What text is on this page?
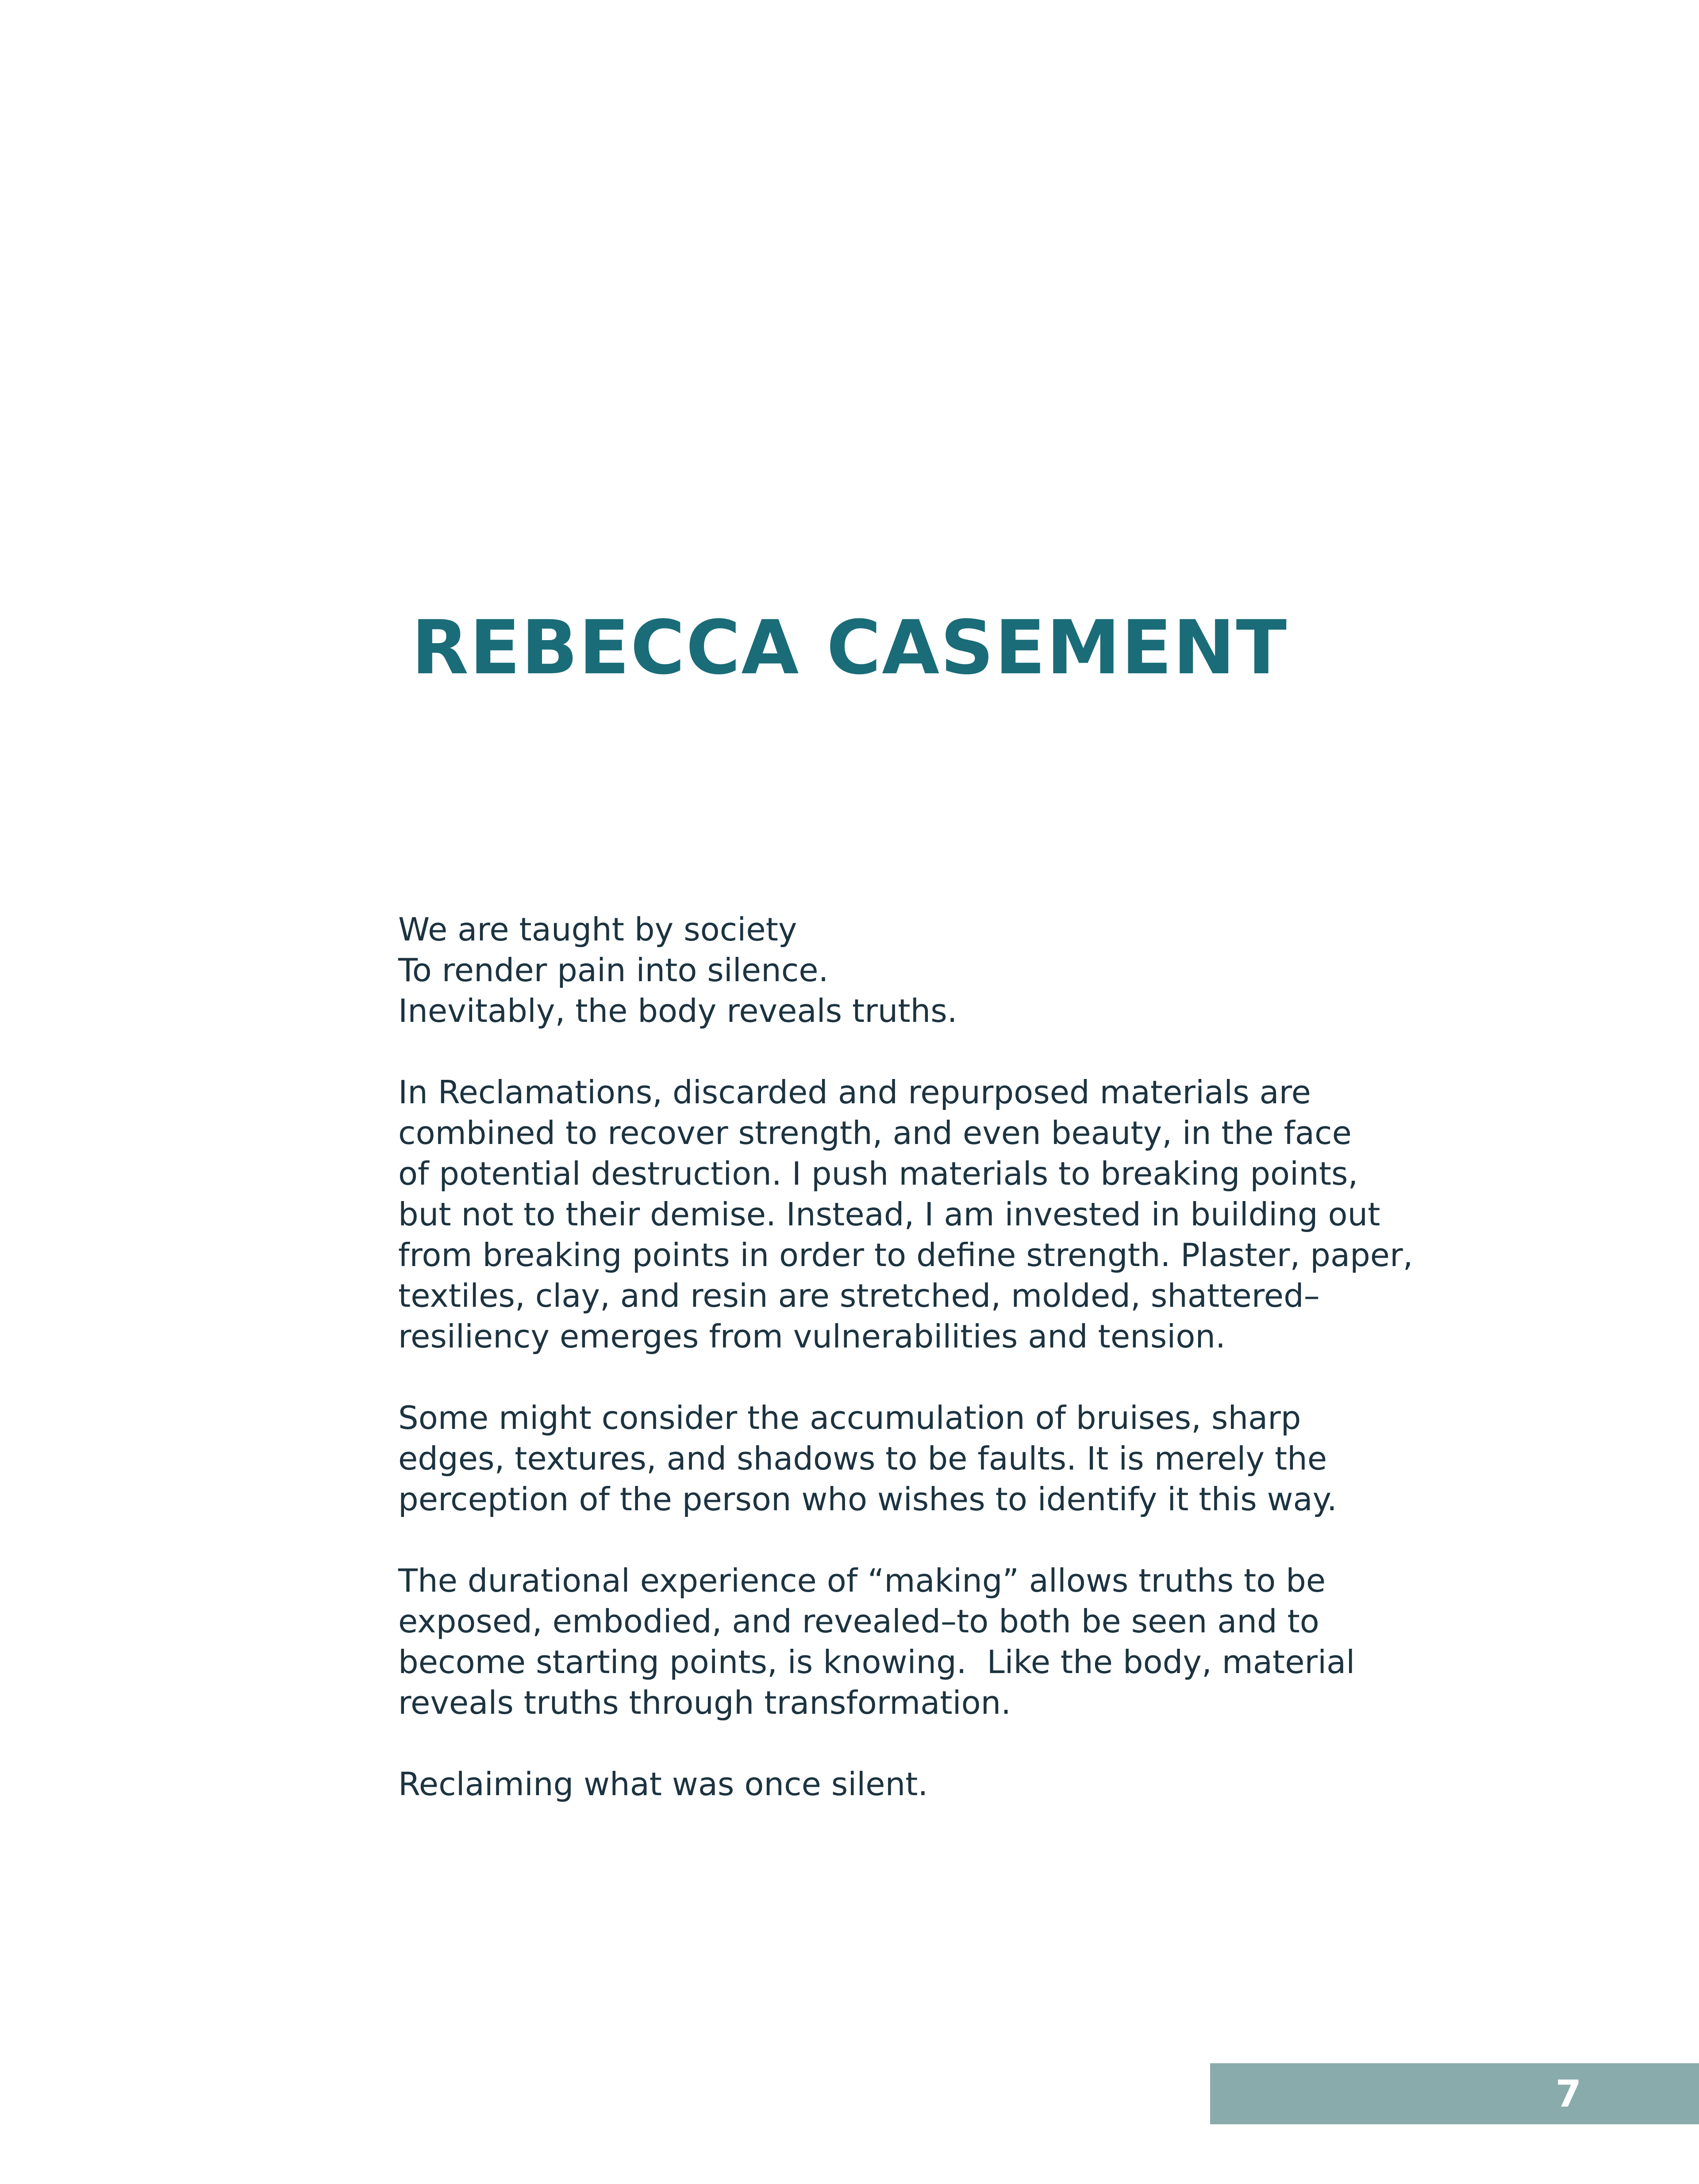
REBECCA CASEMENT

We are taught by society
To render pain into silence.
Inevitably, the body reveals truths.

In Reclamations, discarded and repurposed materials are
combined to recover strength, and even beauty, in the face
of potential destruction. I push materials to breaking points,
but not to their demise. Instead, I am invested in building out
from breaking points in order to define strength. Plaster, paper,
textiles, clay, and resin are stretched, molded, shattered–
resiliency emerges from vulnerabilities and tension.

Some might consider the accumulation of bruises, sharp
edges, textures, and shadows to be faults. It is merely the
perception of the person who wishes to identify it this way.

The durational experience of “making” allows truths to be
exposed, embodied, and revealed–to both be seen and to
become starting points, is knowing.  Like the body, material
reveals truths through transformation.

Reclaiming what was once silent.

7
